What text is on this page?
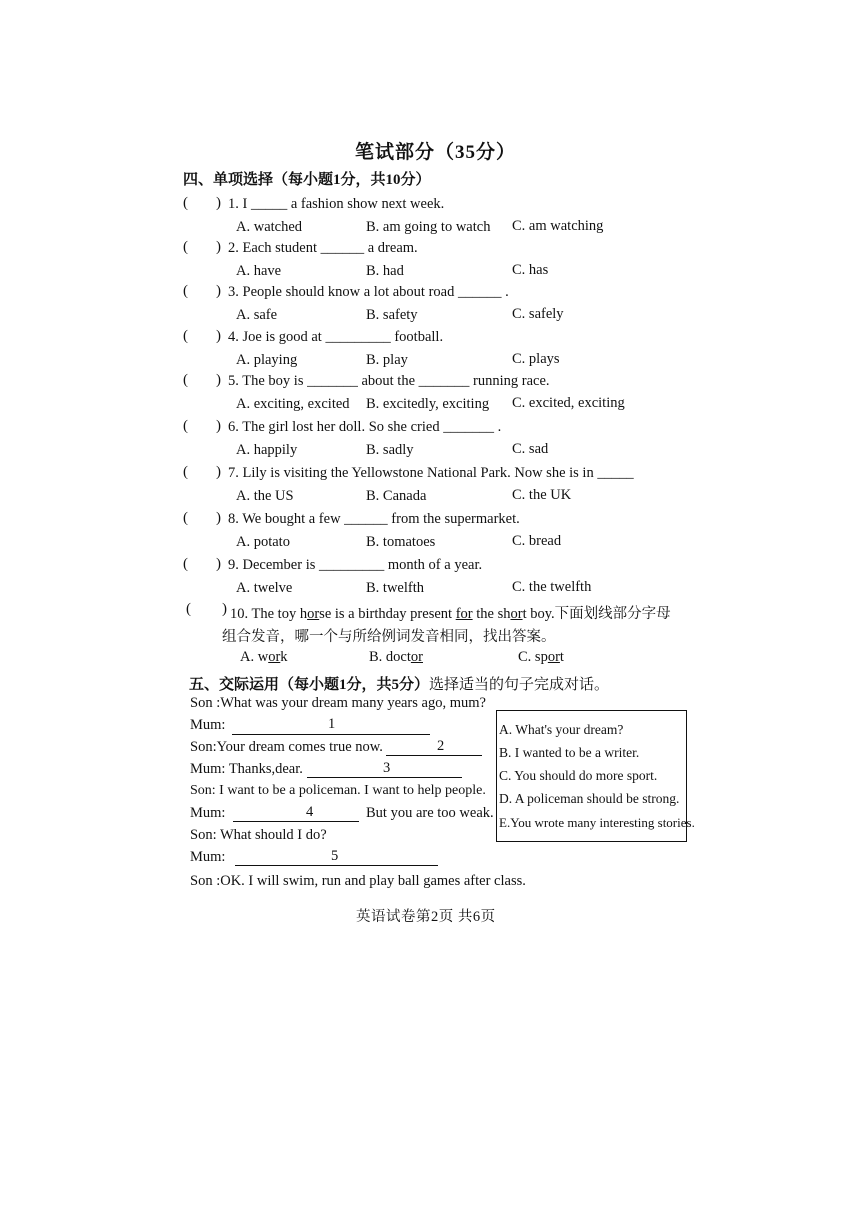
笔试部分（35分）
四、单项选择（每小题1分，共10分）
( ) 1. I _____ a fashion show next week.
A. watched	B. am going to watch C. am watching
( ) 2. Each student ______ a dream.
A. have	B. had	C. has
( ) 3. People should know a lot about road ______ .
A. safe	B. safety	C. safely
( ) 4. Joe is good at _________ football.
A. playing	B. play	C. plays
( ) 5. The boy is _______ about the _______ running race.
A. exciting, excited B. excitedly, exciting C. excited, exciting
( ) 6. The girl lost her doll. So she cried _______ .
A. happily	B. sadly	C. sad
( ) 7. Lily is visiting the Yellowstone National Park. Now she is in _____
A. the US	B. Canada	C. the UK
( ) 8. We bought a few ______ from the supermarket.
A. potato	B. tomatoes	C. bread
( ) 9. December is _________ month of a year.
A. twelve	B. twelfth	C. the twelfth
( ) 10. The toy horse is a birthday present for the short boy.下面划线部分字母
组合发音，哪一个与所给例词发音相同，找出答案。
A. work	B. doctor	C. sport
五、交际运用（每小题1分，共5分）选择适当的句子完成对话。
Son :What was your dream many years ago, mum?
Mum:	1
Son:Your dream comes true now.	2
Mum: Thanks,dear.	3
Son: I want to be a policeman. I want to help people.
Mum:	4	But you are too weak.
Son: What should I do?
Mum:	5
Son :OK. I will swim, run and play ball games after class.
A. What's your dream?
B. I wanted to be a writer.
C. You should do more sport.
D. A policeman should be strong.
E.You wrote many interesting stories.
英语试卷第2页 共6页
